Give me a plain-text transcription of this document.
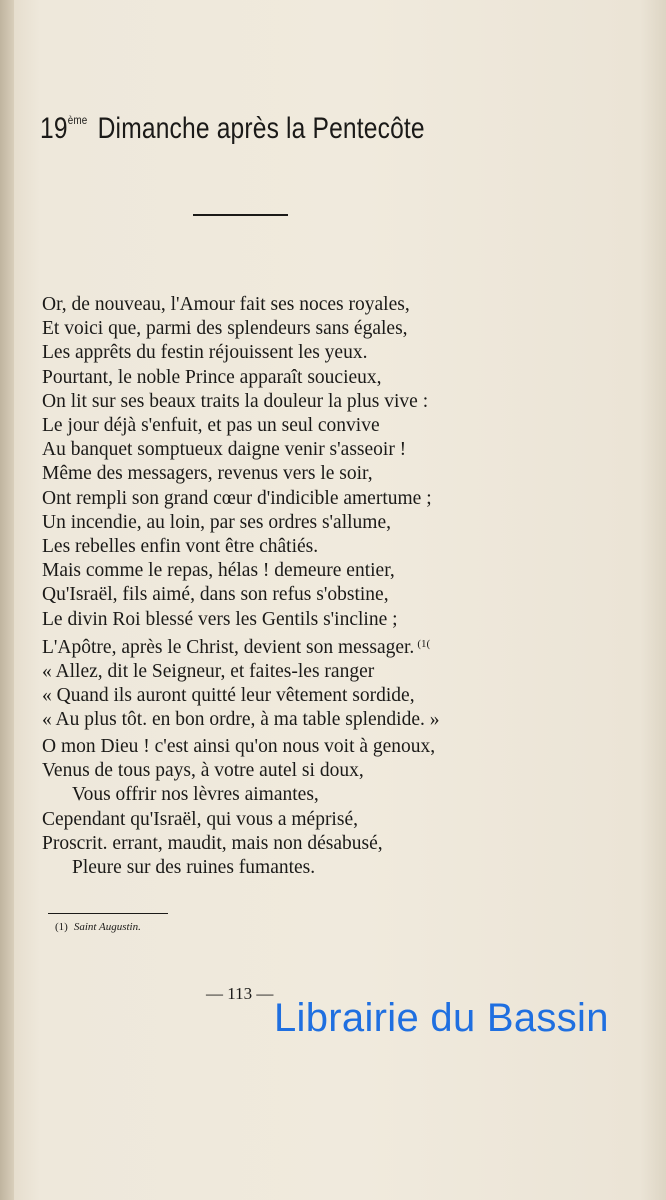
19ème Dimanche après la Pentecôte
Or, de nouveau, l'Amour fait ses noces royales,
Et voici que, parmi des splendeurs sans égales,
Les apprêts du festin réjouissent les yeux.
Pourtant, le noble Prince apparaît soucieux,
On lit sur ses beaux traits la douleur la plus vive :
Le jour déjà s'enfuit, et pas un seul convive
Au banquet somptueux daigne venir s'asseoir !
Même des messagers, revenus vers le soir,
Ont rempli son grand cœur d'indicible amertume ;
Un incendie, au loin, par ses ordres s'allume,
Les rebelles enfin vont être châtiés.
Mais comme le repas, hélas ! demeure entier,
Qu'Israël, fils aimé, dans son refus s'obstine,
Le divin Roi blessé vers les Gentils s'incline ;
L'Apôtre, après le Christ, devient son messager. $^{(1(}$
« Allez, dit le Seigneur, et faites-les ranger
« Quand ils auront quitté leur vêtement sordide,
« Au plus tôt. en bon ordre, à ma table splendide. »
O mon Dieu ! c'est ainsi qu'on nous voit à genoux,
Venus de tous pays, à votre autel si doux,
Vous offrir nos lèvres aimantes,
Cependant qu'Israël, qui vous a méprisé,
Proscrit. errant, maudit, mais non désabusé,
Pleure sur des ruines fumantes.
(1) Saint Augustin.
— 113 —
Librairie du Bassin
